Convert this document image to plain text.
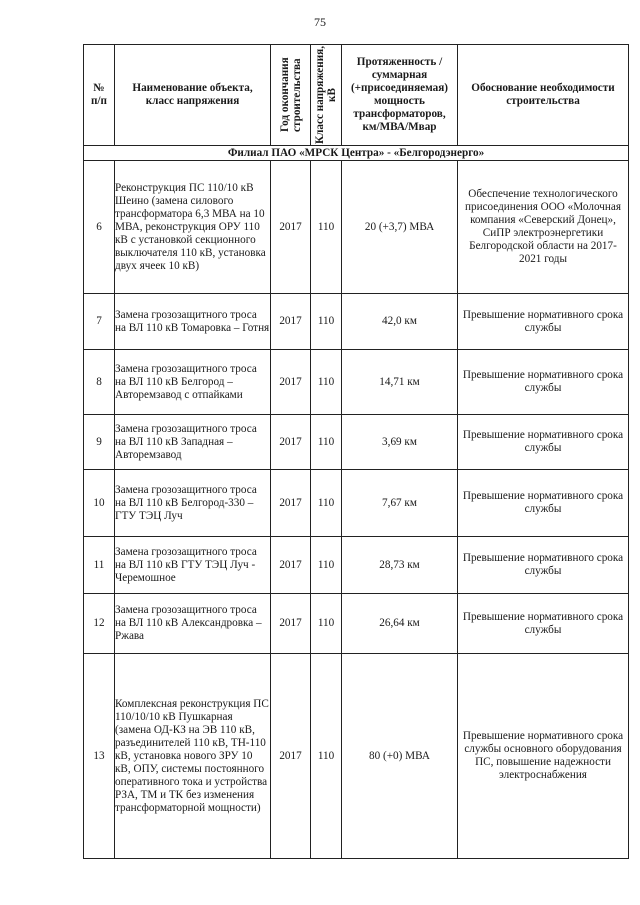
75
№ п/п	Наименование объекта, класс напряжения	Год окончания строительства	Класс напряжения, кВ	Протяженность / суммарная (+присоединяемая) мощность трансформаторов, км/МВА/Мвар	Обоснование необходимости строительства

Филиал ПАО «МРСК Центра» - «Белгородэнерго»					
6	Реконструкция ПС 110/10 кВ Шеино (замена силового трансформатора 6,3 МВА на 10 МВА, реконструкция ОРУ 110 кВ с установкой секционного выключателя 110 кВ, установка двух ячеек 10 кВ)	2017	110	20 (+3,7) МВА	Обеспечение технологического присоединения ООО «Молочная компания «Северский Донец», СиПР электроэнергетики Белгородской области на 2017-2021 годы
7	Замена грозозащитного троса на ВЛ 110 кВ Томаровка – Готня	2017	110	42,0 км	Превышение нормативного срока службы
8	Замена грозозащитного троса на ВЛ 110 кВ Белгород – Авторемзавод с отпайками	2017	110	14,71 км	Превышение нормативного срока службы
9	Замена грозозащитного троса на ВЛ 110 кВ Западная – Авторемзавод	2017	110	3,69 км	Превышение нормативного срока службы
10	Замена грозозащитного троса на ВЛ 110 кВ Белгород-330 – ГТУ ТЭЦ Луч	2017	110	7,67 км	Превышение нормативного срока службы
11	Замена грозозащитного троса на ВЛ 110 кВ ГТУ ТЭЦ Луч - Черемошное	2017	110	28,73 км	Превышение нормативного срока службы
12	Замена грозозащитного троса на ВЛ 110 кВ Александровка – Ржава	2017	110	26,64 км	Превышение нормативного срока службы
13	Комплексная реконструкция ПС 110/10/10 кВ Пушкарная (замена ОД-КЗ на ЭВ 110 кВ, разъединителей 110 кВ, ТН-110 кВ, установка нового ЗРУ 10 кВ, ОПУ, системы постоянного оперативного тока и устройства РЗА, ТМ и ТК без изменения трансформаторной мощности)	2017	110	80 (+0) МВА	Превышение нормативного срока службы основного оборудования ПС, повышение надежности электроснабжения
